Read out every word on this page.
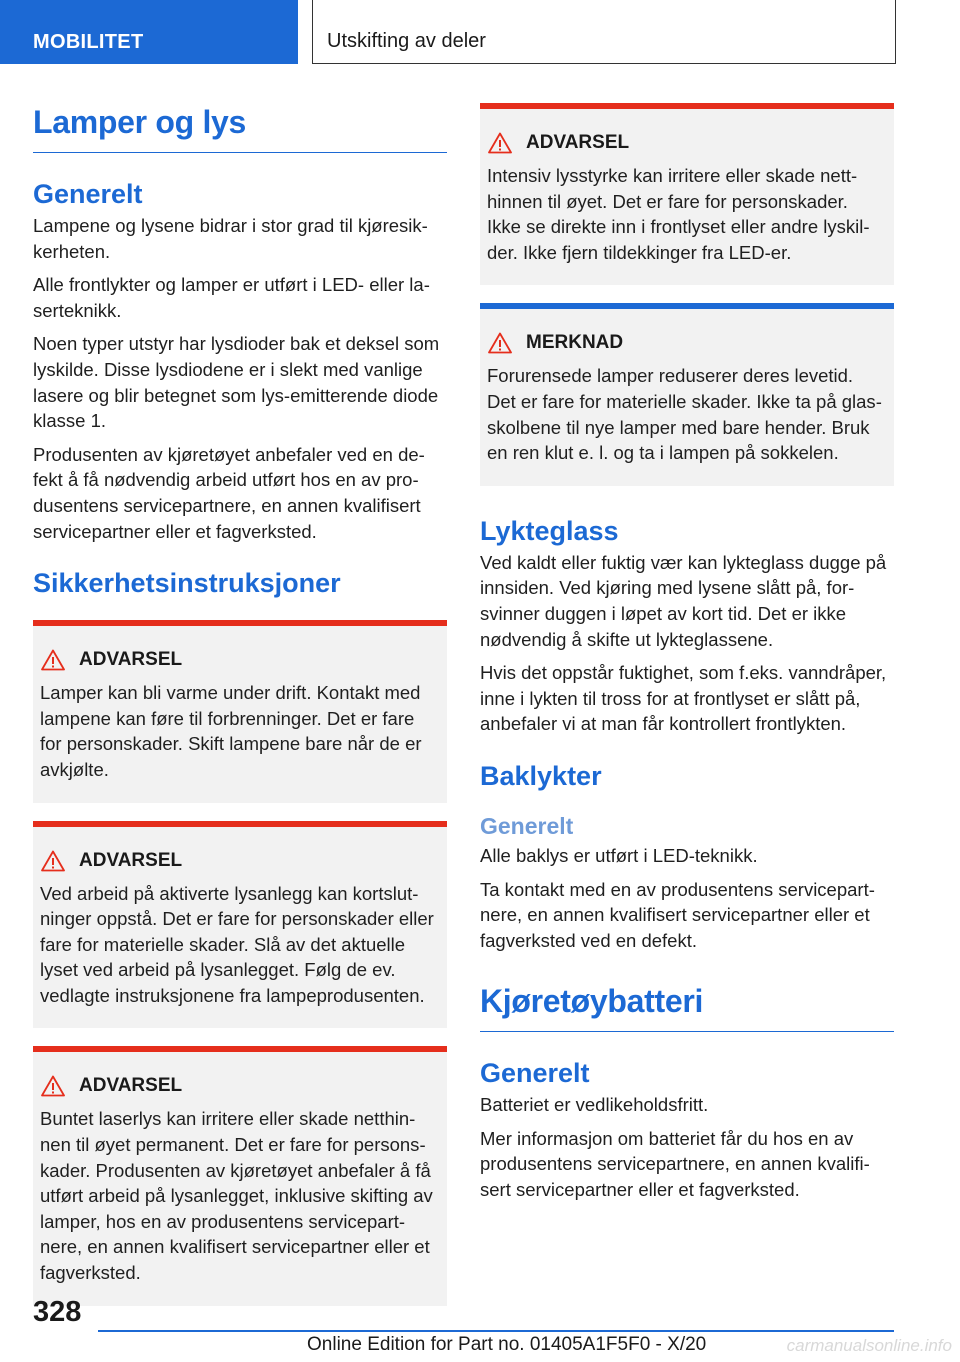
MOBILITET	Utskifting av deler
Lamper og lys
Generelt

Lampene og lysene bidrar i stor grad til kjøresikkerheten.

Alle frontlykter og lamper er utført i LED- eller laserteknikk.

Noen typer utstyr har lysdioder bak et deksel som lyskilde. Disse lysdiodene er i slekt med vanlige lasere og blir betegnet som lys-emitterende diode klasse 1.

Produsenten av kjøretøyet anbefaler ved en defekt å få nødvendig arbeid utført hos en av produsentens servicepartnere, en annen kvalifisert servicepartner eller et fagverksted.

Sikkerhetsinstruksjoner
ADVARSEL
Lamper kan bli varme under drift. Kontakt med lampene kan føre til forbrenninger. Det er fare for personskader. Skift lampene bare når de er avkjølte.
ADVARSEL
Ved arbeid på aktiverte lysanlegg kan kortslutninger oppstå. Det er fare for personskader eller fare for materielle skader. Slå av det aktuelle lyset ved arbeid på lysanlegget. Følg de ev. vedlagte instruksjonene fra lampeprodusenten.
ADVARSEL
Buntet laserlys kan irritere eller skade netthinnen til øyet permanent. Det er fare for personskader. Produsenten av kjøretøyet anbefaler å få utført arbeid på lysanlegget, inklusive skifting av lamper, hos en av produsentens servicepartnere, en annen kvalifisert servicepartner eller et fagverksted.
ADVARSEL
Intensiv lysstyrke kan irritere eller skade netthinnen til øyet. Det er fare for personskader. Ikke se direkte inn i frontlyset eller andre lyskilder. Ikke fjern tildekkinger fra LED-er.
MERKNAD
Forurensede lamper reduserer deres levetid. Det er fare for materielle skader. Ikke ta på glasskolbene til nye lamper med bare hender. Bruk en ren klut e. l. og ta i lampen på sokkelen.
Lykteglass

Ved kaldt eller fuktig vær kan lykteglass dugge på innsiden. Ved kjøring med lysene slått på, forsvinner duggen i løpet av kort tid. Det er ikke nødvendig å skifte ut lykteglassene.

Hvis det oppstår fuktighet, som f.eks. vanndråper, inne i lykten til tross for at frontlyset er slått på, anbefaler vi at man får kontrollert frontlykten.

Baklykter
Generelt

Alle baklys er utført i LED-teknikk.

Ta kontakt med en av produsentens servicepartnere, en annen kvalifisert servicepartner eller et fagverksted ved en defekt.

Kjøretøybatteri
Generelt

Batteriet er vedlikeholdsfritt.

Mer informasjon om batteriet får du hos en av produsentens servicepartnere, en annen kvalifisert servicepartner eller et fagverksted.

328
Online Edition for Part no. 01405A1F5F0 - X/20	carmanualsonline.info
